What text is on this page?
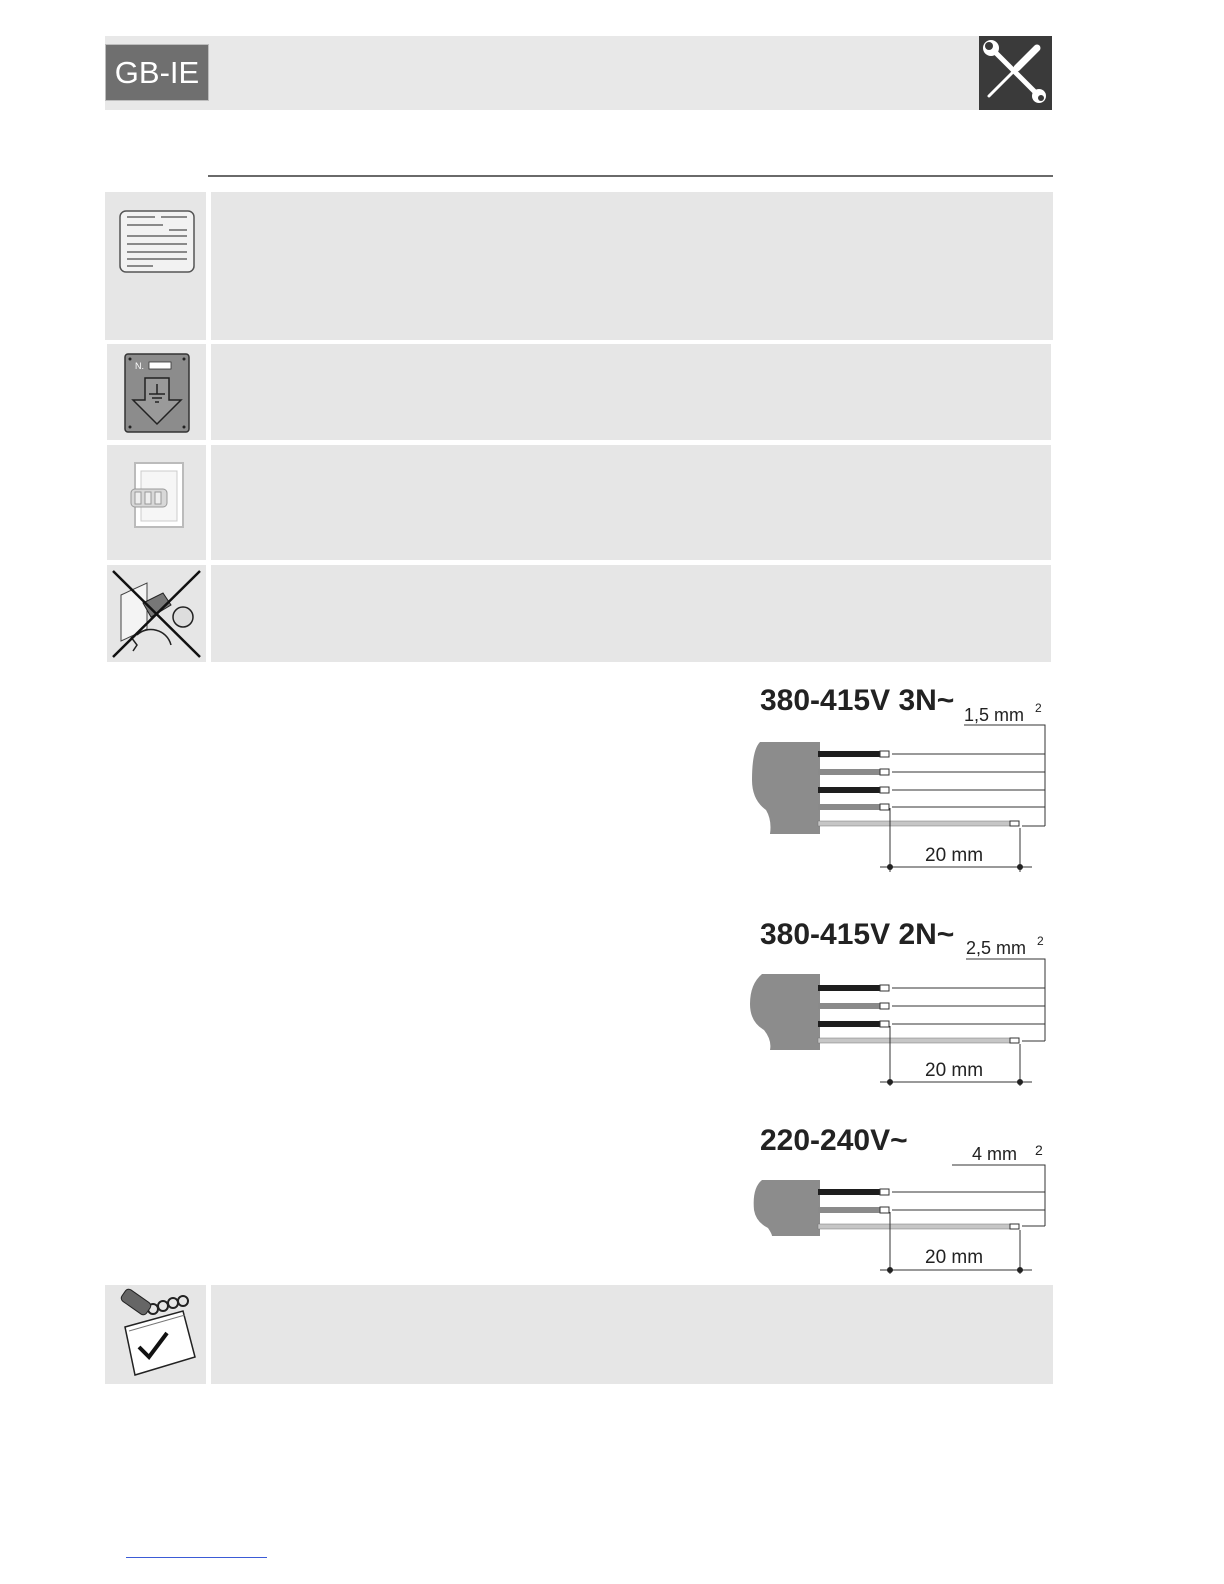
GB-IE
N.
380-415V 3N~ 1,5 mm 2
20 mm
380-415V 2N~ 2,5 mm 2
20 mm
220-240V~	4 mm 2
20 mm
